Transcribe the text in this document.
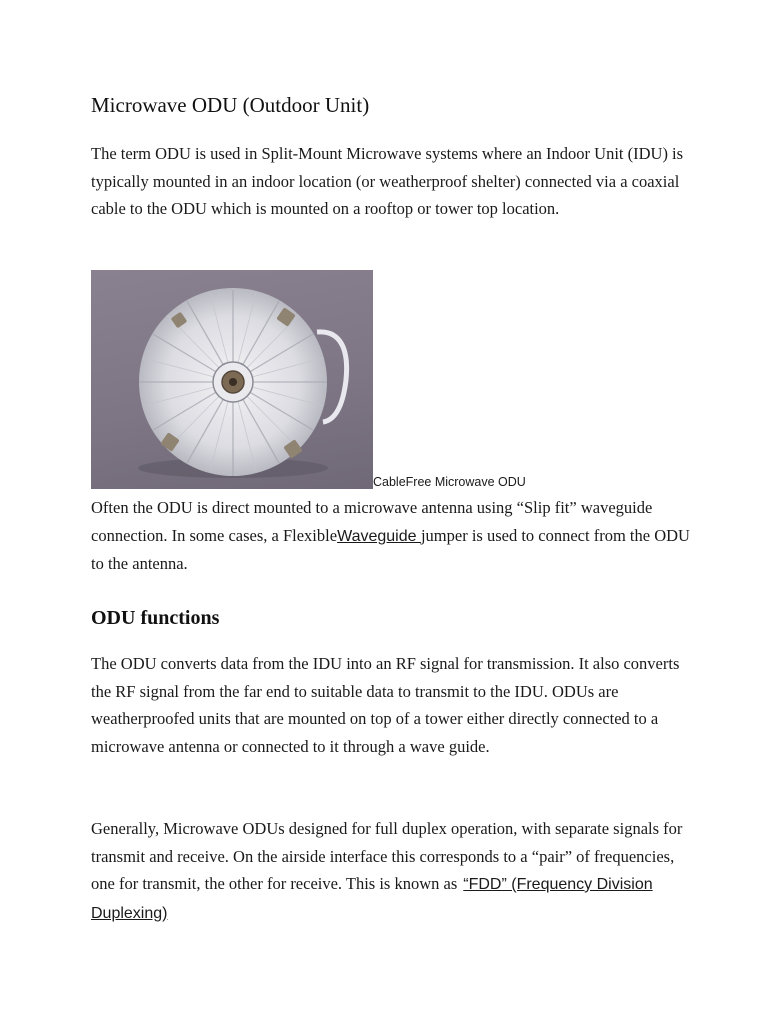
Microwave ODU (Outdoor Unit)

The term ODU is used in Split-Mount Microwave systems where an Indoor Unit (IDU) is typically mounted in an indoor location (or weatherproof shelter) connected via a coaxial cable to the ODU which is mounted on a rooftop or tower top location.

CableFree Microwave ODU

Often the ODU is direct mounted to a microwave antenna using “Slip fit” waveguide connection. In some cases, a FlexibleWaveguide jumper is used to connect from the ODU to the antenna.

ODU functions

The ODU converts data from the IDU into an RF signal for transmission. It also converts the RF signal from the far end to suitable data to transmit to the IDU. ODUs are weatherproofed units that are mounted on top of a tower either directly connected to a microwave antenna or connected to it through a wave guide.

Generally, Microwave ODUs designed for full duplex operation, with separate signals for transmit and receive. On the airside interface this corresponds to a “pair” of frequencies, one for transmit, the other for receive. This is known as “FDD” (Frequency Division Duplexing)
